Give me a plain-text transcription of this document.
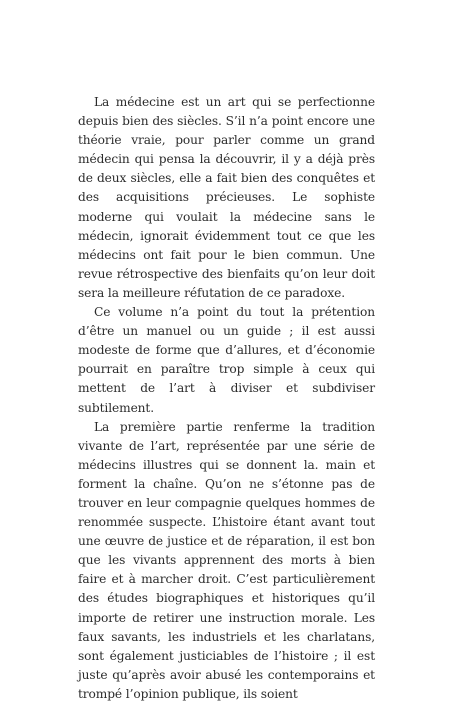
La médecine est un art qui se perfectionne depuis bien des siècles. S’il n’a point encore une théorie vraie, pour parler comme un grand médecin qui pensa la découvrir, il y a déjà près de deux siècles, elle a fait bien des conquêtes et des acquisitions précieuses. Le sophiste moderne qui voulait la médecine sans le médecin, ignorait évidemment tout ce que les médecins ont fait pour le bien commun. Une revue rétrospective des bienfaits qu’on leur doit sera la meilleure réfutation de ce paradoxe.

Ce volume n’a point du tout la prétention d’être un manuel ou un guide ; il est aussi modeste de forme que d’allures, et d’économie pourrait en paraître trop simple à ceux qui mettent de l’art à diviser et subdiviser subtilement.

La première partie renferme la tradition vivante de l’art, représentée par une série de médecins illustres qui se donnent la. main et forment la chaîne. Qu’on ne s’étonne pas de trouver en leur compagnie quelques hommes de renommée suspecte. L’histoire étant avant tout une œuvre de justice et de réparation, il est bon que les vivants apprennent des morts à bien faire et à marcher droit. C’est particulièrement des études biographiques et historiques qu’il importe de retirer une instruction morale. Les faux savants, les industriels et les charlatans, sont également justiciables de l’histoire ; il est juste qu’après avoir abusé les contemporains et trompé l’opinion publique, ils soient
